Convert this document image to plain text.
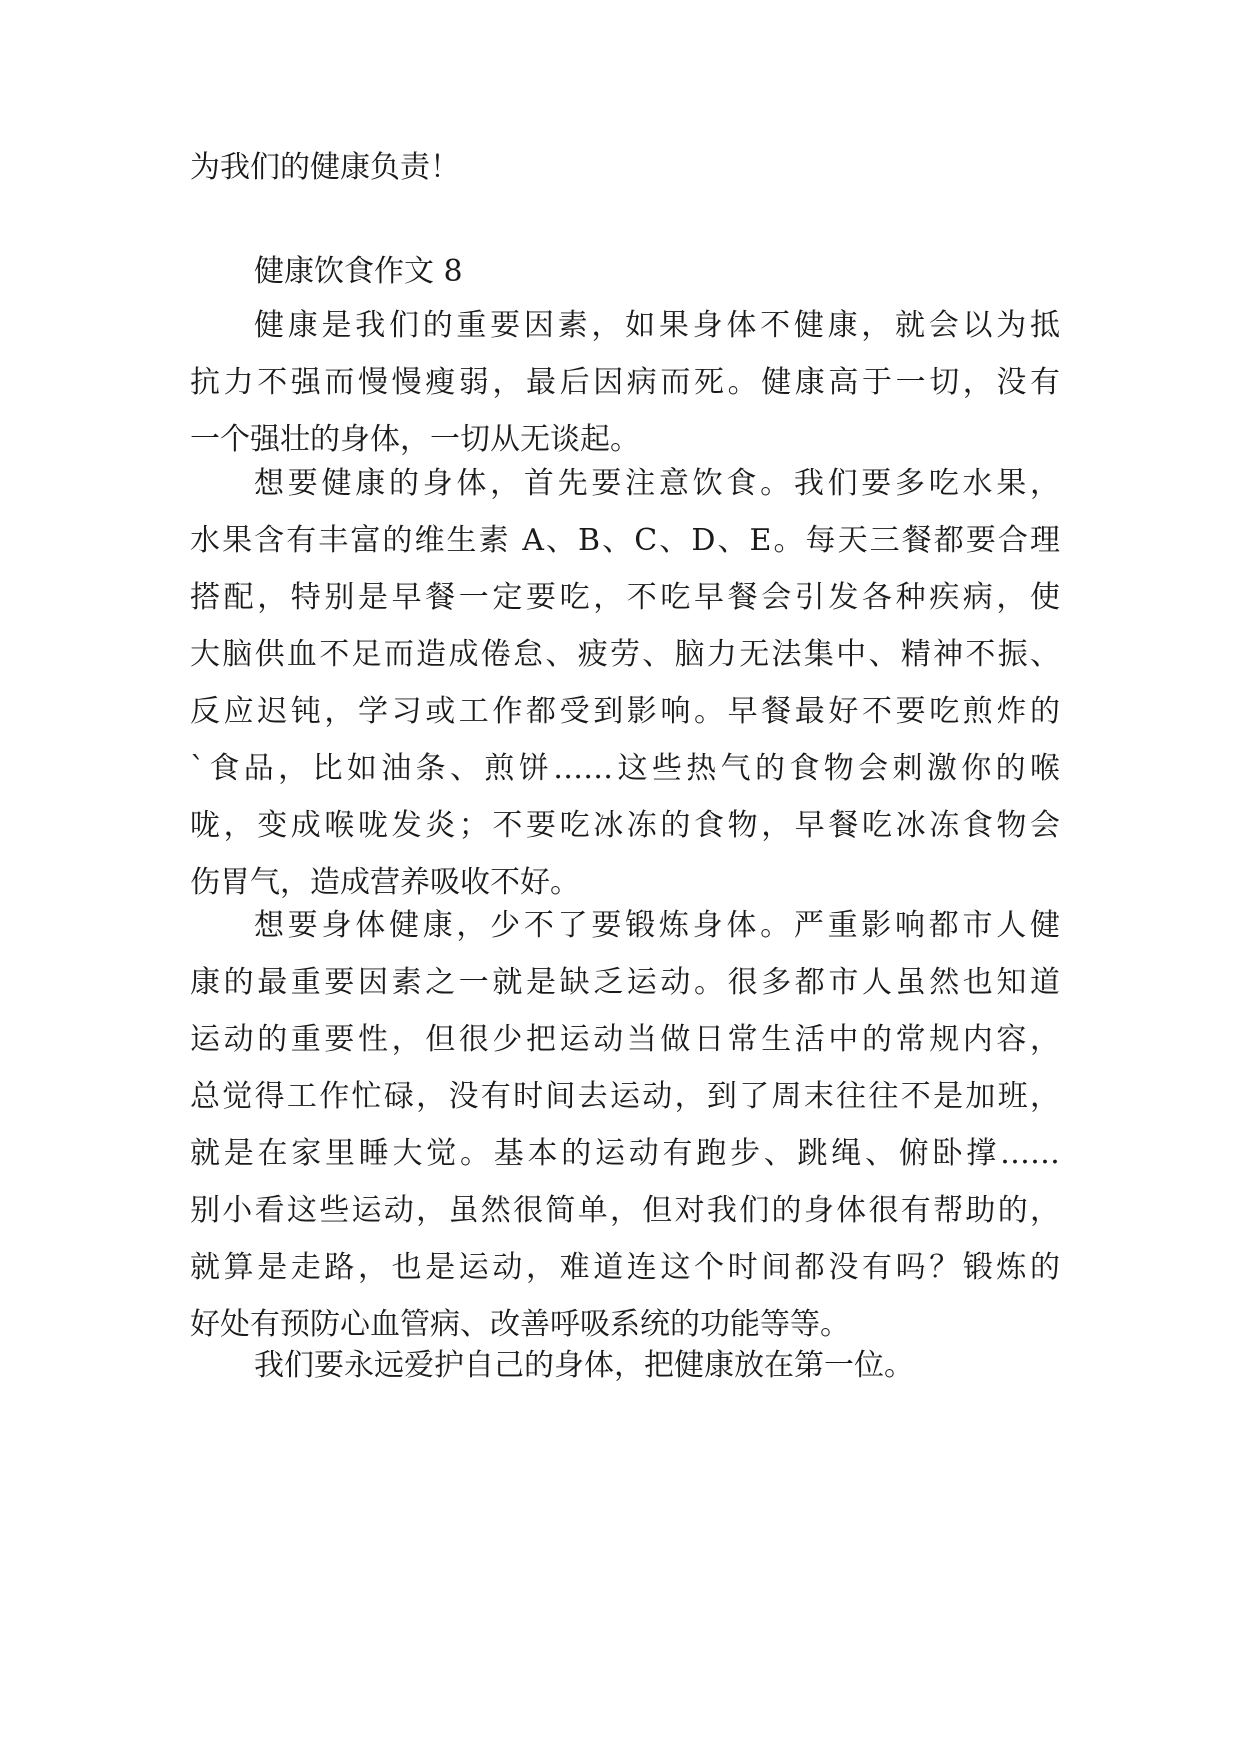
为我们的健康负责！

健康饮食作文 8

健康是我们的重要因素，如果身体不健康，就会以为抵

抗力不强而慢慢瘦弱，最后因病而死。健康高于一切，没有

一个强壮的身体，一切从无谈起。

想要健康的身体，首先要注意饮食。我们要多吃水果，

水果含有丰富的维生素 A、B、C、D、E。每天三餐都要合理

搭配，特别是早餐一定要吃，不吃早餐会引发各种疾病，使

大脑供血不足而造成倦怠、疲劳、脑力无法集中、精神不振、

反应迟钝，学习或工作都受到影响。早餐最好不要吃煎炸的

`食品，比如油条、煎饼……这些热气的食物会刺激你的喉

咙，变成喉咙发炎；不要吃冰冻的食物，早餐吃冰冻食物会

伤胃气，造成营养吸收不好。

想要身体健康，少不了要锻炼身体。严重影响都市人健

康的最重要因素之一就是缺乏运动。很多都市人虽然也知道

运动的重要性，但很少把运动当做日常生活中的常规内容，

总觉得工作忙碌，没有时间去运动，到了周末往往不是加班，

就是在家里睡大觉。基本的运动有跑步、跳绳、俯卧撑……

别小看这些运动，虽然很简单，但对我们的身体很有帮助的，

就算是走路，也是运动，难道连这个时间都没有吗？锻炼的

好处有预防心血管病、改善呼吸系统的功能等等。

我们要永远爱护自己的身体，把健康放在第一位。
